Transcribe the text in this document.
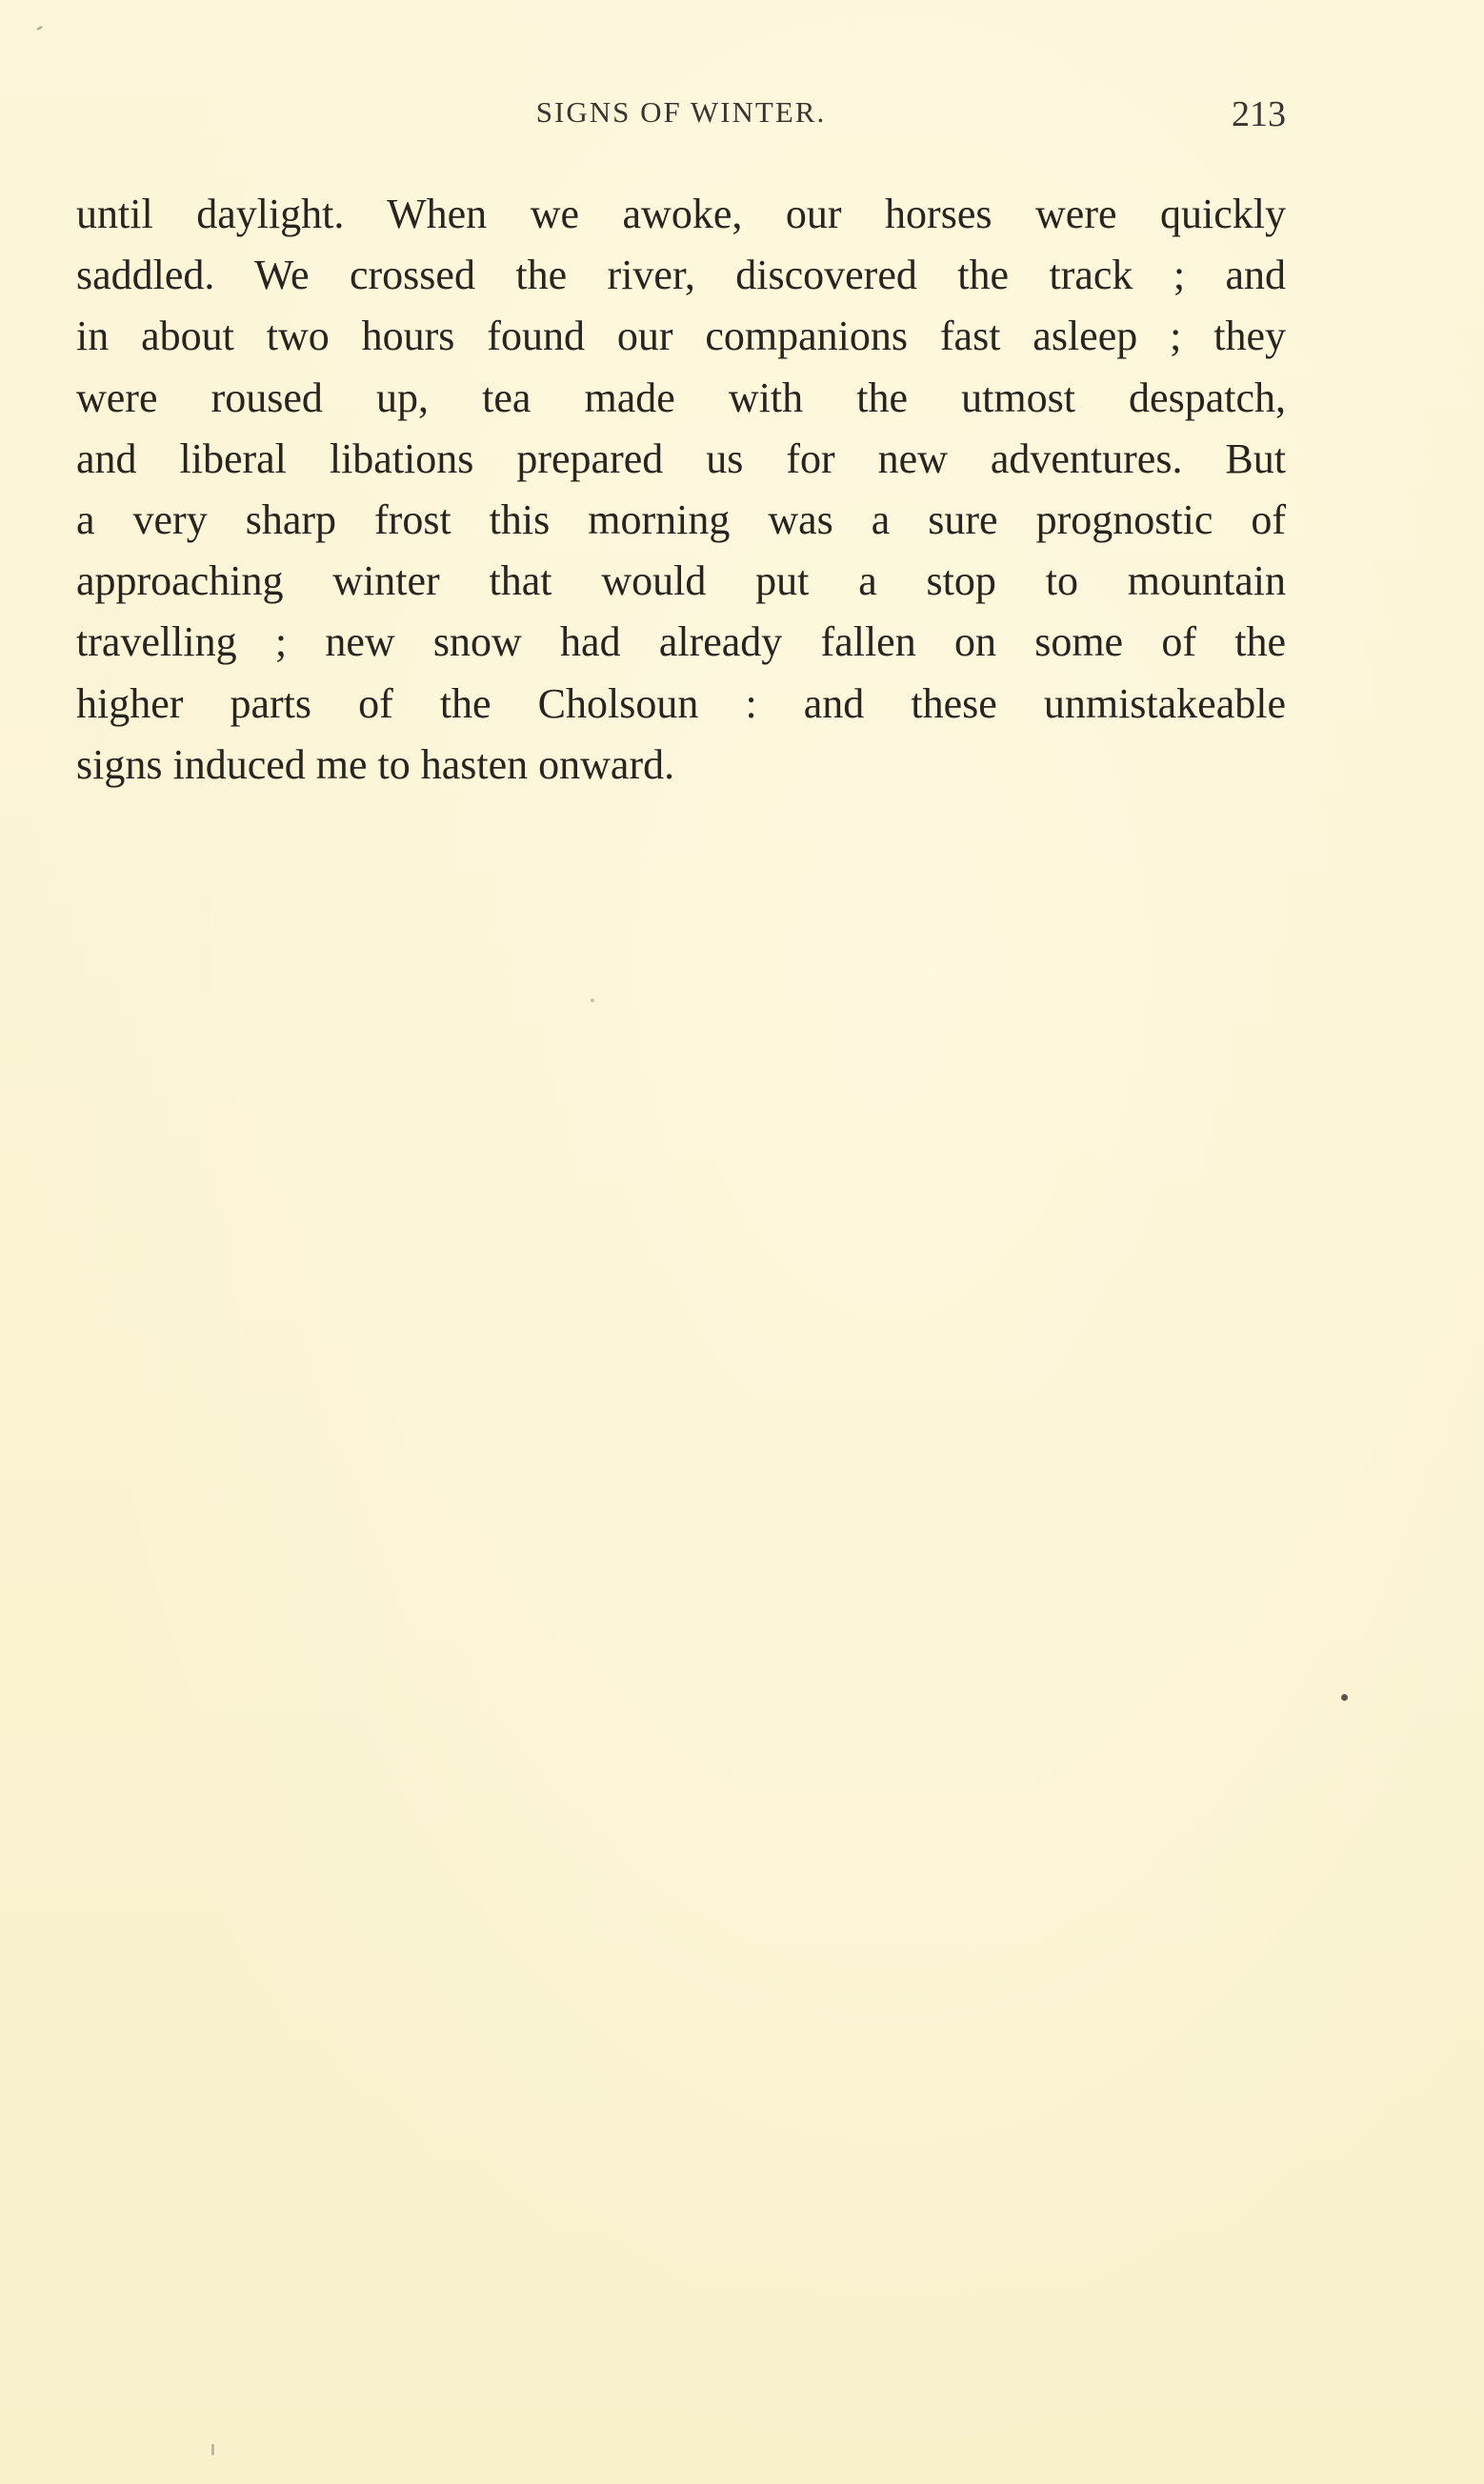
SIGNS OF WINTER.	213
until daylight. When we awoke, our horses were quickly
saddled. We crossed the river, discovered the track ; and
in about two hours found our companions fast asleep ; they
were roused up, tea made with the utmost despatch,
and liberal libations prepared us for new adventures. But
a very sharp frost this morning was a sure prognostic of
approaching winter that would put a stop to mountain
travelling ; new snow had already fallen on some of the
higher parts of the Cholsoun : and these unmistakeable
signs induced me to hasten onward.
